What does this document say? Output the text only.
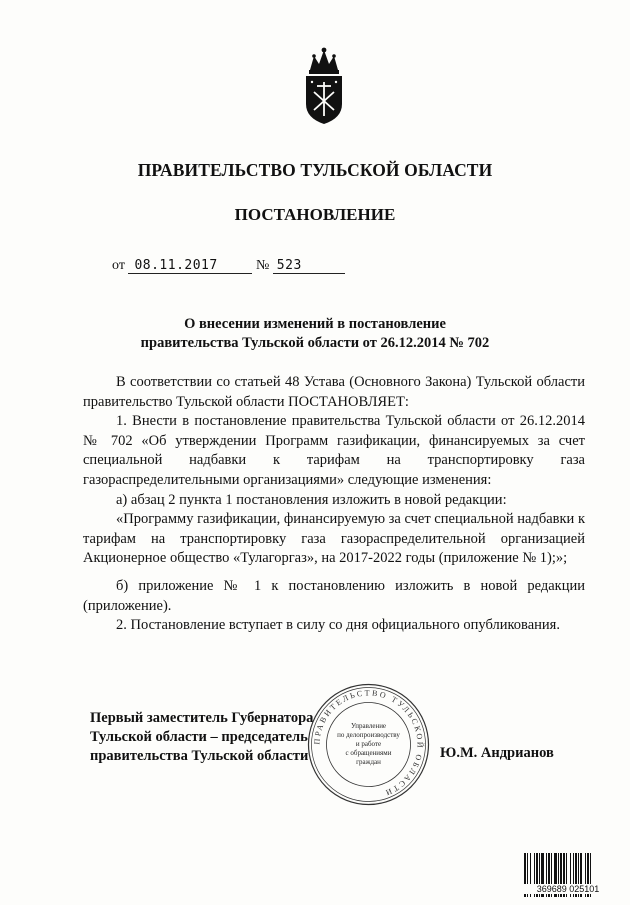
ПРАВИТЕЛЬСТВО ТУЛЬСКОЙ ОБЛАСТИ
ПОСТАНОВЛЕНИЕ
от 08.11.2017	№ 523
О внесении изменений в постановление
правительства Тульской области от 26.12.2014 № 702

В соответствии со статьей 48 Устава (Основного Закона) Тульской области правительство Тульской области ПОСТАНОВЛЯЕТ:

1. Внести в постановление правительства Тульской области от 26.12.2014 № 702 «Об утверждении Программ газификации, финансируемых за счет специальной надбавки к тарифам на транспортировку газа газораспределительными организациями» следующие изменения:

а) абзац 2 пункта 1 постановления изложить в новой редакции:

«Программу газификации, финансируемую за счет специальной надбавки к тарифам на транспортировку газа газораспределительной организацией Акционерное общество «Тулагоргаз», на 2017-2022 годы (приложение № 1);»;

б) приложение № 1 к постановлению изложить в новой редакции (приложение).

2. Постановление вступает в силу со дня официального опубликования.

Первый заместитель Губернатора
Тульской области – председатель
правительства Тульской области	Ю.М. Андрианов
ПРАВИТЕЛЬСТВО ТУЛЬСКОЙ ОБЛАСТИ
Управление
по делопроизводству
и работе
с обращениями
граждан
369689 025101
